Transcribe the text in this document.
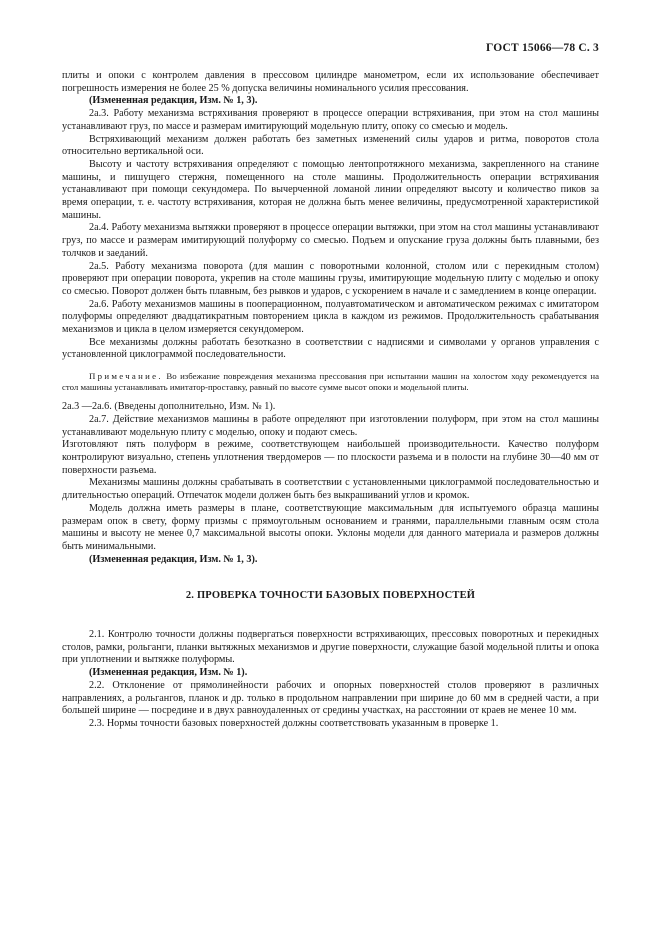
ГОСТ 15066—78 С. 3

плиты и опоки с контролем давления в прессовом цилиндре манометром, если их использование обеспечивает погрешность измерения не более 25 % допуска величины номинального усилия прессования.

(Измененная редакция, Изм. № 1, 3).

2а.3. Работу механизма встряхивания проверяют в процессе операции встряхивания, при этом на стол машины устанавливают груз, по массе и размерам имитирующий модельную плиту, опоку со смесью и модель.

Встряхивающий механизм должен работать без заметных изменений силы ударов и ритма, поворотов стола относительно вертикальной оси.

Высоту и частоту встряхивания определяют с помощью лентопротяжного механизма, закрепленного на станине машины, и пишущего стержня, помещенного на столе машины. Продолжительность операции встряхивания устанавливают при помощи секундомера. По вычерченной ломаной линии определяют высоту и количество пиков за время операции, т. е. частоту встряхивания, которая не должна быть менее величины, предусмотренной характеристикой машины.

2а.4. Работу механизма вытяжки проверяют в процессе операции вытяжки, при этом на стол машины устанавливают груз, по массе и размерам имитирующий полуформу со смесью. Подъем и опускание груза должны быть плавными, без толчков и заеданий.

2а.5. Работу механизма поворота (для машин с поворотными колонной, столом или с перекидным столом) проверяют при операции поворота, укрепив на столе машины грузы, имитирующие модельную плиту с моделью и опоку со смесью. Поворот должен быть плавным, без рывков и ударов, с ускорением в начале и с замедлением в конце операции.

2а.6. Работу механизмов машины в пооперационном, полуавтоматическом и автоматическом режимах с имитатором полуформы определяют двадцатикратным повторением цикла в каждом из режимов. Продолжительность срабатывания механизмов и цикла в целом измеряется секундомером.

Все механизмы должны работать безотказно в соответствии с надписями и символами у органов управления с установленной циклограммой последовательности.

Примечание. Во избежание повреждения механизма прессования при испытании машин на холостом ходу рекомендуется на стол машины устанавливать имитатор-проставку, равный по высоте сумме высот опоки и модельной плиты.

2а.3 —2а.6. (Введены дополнительно, Изм. № 1).

2а.7. Действие механизмов машины в работе определяют при изготовлении полуформ, при этом на стол машины устанавливают модельную плиту с моделью, опоку и подают смесь.

Изготовляют пять полуформ в режиме, соответствующем наибольшей производительности. Качество полуформ контролируют визуально, степень уплотнения твердомеров — по плоскости разъема и в полости на глубине 30—40 мм от поверхности разъема.

Механизмы машины должны срабатывать в соответствии с установленными циклограммой последовательностью и длительностью операций. Отпечаток модели должен быть без выкрашиваний углов и кромок.

Модель должна иметь размеры в плане, соответствующие максимальным для испытуемого образца машины размерам опок в свету, форму призмы с прямоугольным основанием и гранями, параллельными главным осям стола машины и высоту не менее 0,7 максимальной высоты опоки. Уклоны модели для данного материала и размеров должны быть минимальными.

(Измененная редакция, Изм. № 1, 3).

2. ПРОВЕРКА ТОЧНОСТИ БАЗОВЫХ ПОВЕРХНОСТЕЙ

2.1. Контролю точности должны подвергаться поверхности встряхивающих, прессовых поворотных и перекидных столов, рамки, рольганги, планки вытяжных механизмов и другие поверхности, служащие базой модельной плиты и опока при уплотнении и вытяжке полуформы.

(Измененная редакция, Изм. № 1).

2.2. Отклонение от прямолинейности рабочих и опорных поверхностей столов проверяют в различных направлениях, а рольгангов, планок и др. только в продольном направлении при ширине до 60 мм в средней части, а при большей ширине — посредине и в двух равноудаленных от средины участках, на расстоянии от краев не менее 10 мм.

2.3. Нормы точности базовых поверхностей должны соответствовать указанным в проверке 1.
